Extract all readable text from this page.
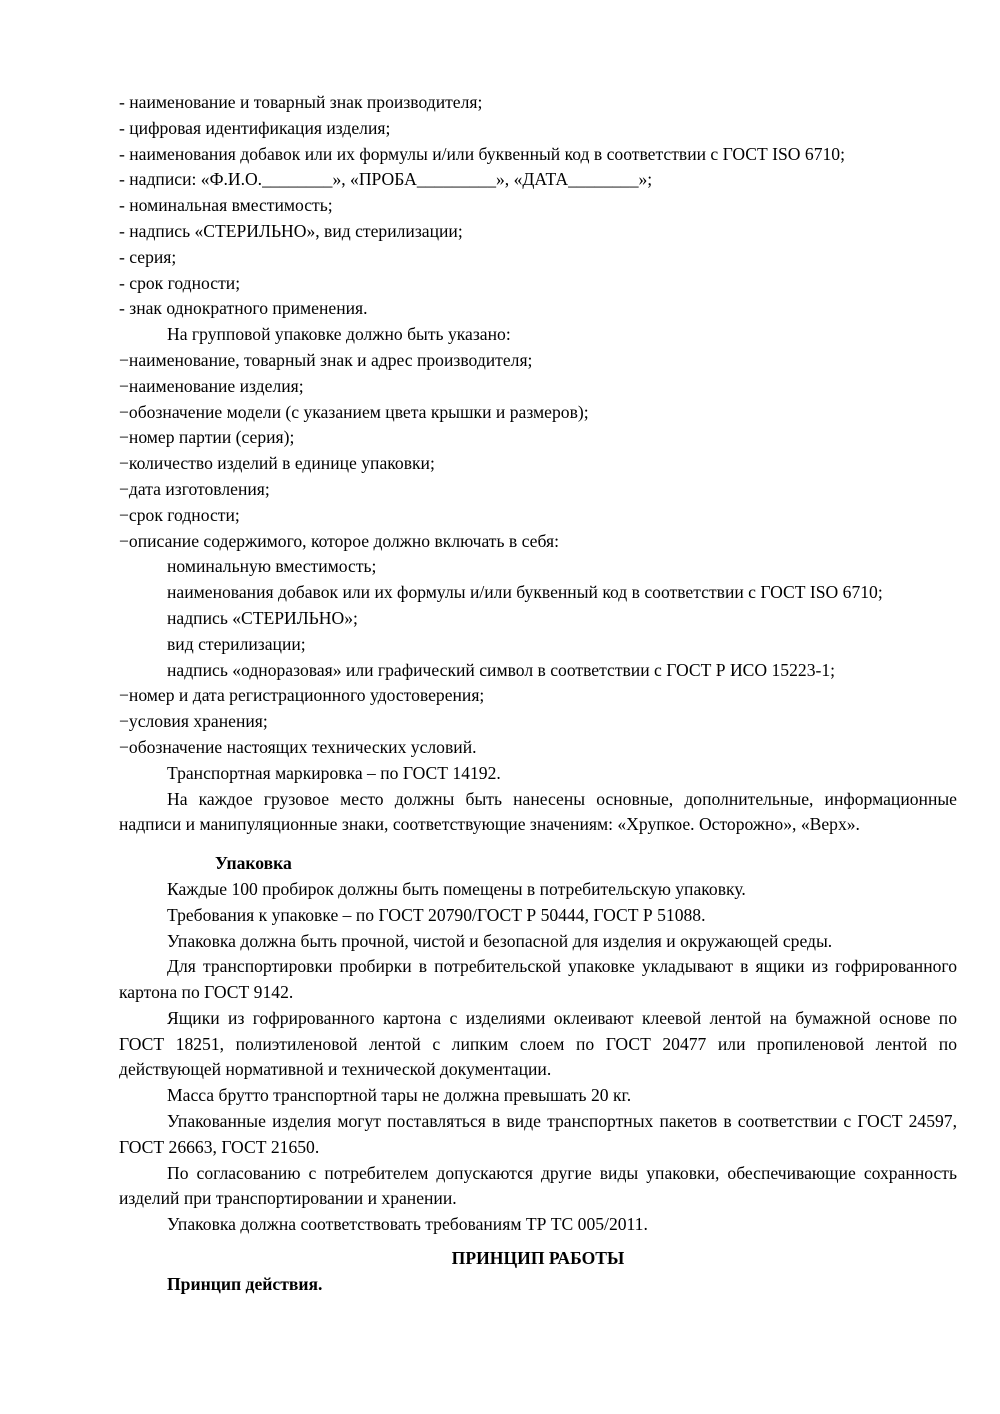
- наименование и товарный знак производителя;

- цифровая идентификация изделия;

- наименования добавок или их формулы и/или буквенный код в соответствии с ГОСТ ISO 6710;

- надписи: «Ф.И.О.________», «ПРОБА_________», «ДАТА________»;

- номинальная вместимость;

- надпись «СТЕРИЛЬНО», вид стерилизации;

- серия;

- срок годности;

- знак однократного применения.

На групповой упаковке должно быть указано:

−наименование, товарный знак и адрес производителя;

−наименование изделия;

−обозначение модели (с указанием цвета крышки и размеров);

−номер партии (серия);

−количество изделий в единице упаковки;

−дата изготовления;

−срок годности;

−описание содержимого, которое должно включать в себя:

номинальную вместимость;

наименования добавок или их формулы и/или буквенный код в соответствии с ГОСТ ISO 6710;

надпись «СТЕРИЛЬНО»;

вид стерилизации;

надпись «одноразовая» или графический символ в соответствии с ГОСТ Р ИСО 15223-1;

−номер и дата регистрационного удостоверения;

−условия хранения;

−обозначение настоящих технических условий.

Транспортная маркировка – по ГОСТ 14192.

На каждое грузовое место должны быть нанесены основные, дополнительные, информационные надписи и манипуляционные знаки, соответствующие значениям: «Хрупкое. Осторожно», «Верх».

Упаковка

Каждые 100 пробирок должны быть помещены в потребительскую упаковку.

Требования к упаковке – по ГОСТ 20790/ГОСТ Р 50444, ГОСТ Р 51088.

Упаковка должна быть прочной, чистой и безопасной для изделия и окружающей среды.

Для транспортировки пробирки в потребительской упаковке укладывают в ящики из гофрированного картона по ГОСТ 9142.

Ящики из гофрированного картона с изделиями оклеивают клеевой лентой на бумажной основе по ГОСТ 18251, полиэтиленовой лентой с липким слоем по ГОСТ 20477 или пропиленовой лентой по действующей нормативной и технической документации.

Масса брутто транспортной тары не должна превышать 20 кг.

Упакованные изделия могут поставляться в виде транспортных пакетов в соответствии с ГОСТ 24597, ГОСТ 26663, ГОСТ 21650.

По согласованию с потребителем допускаются другие виды упаковки, обеспечивающие сохранность изделий при транспортировании и хранении.

Упаковка должна соответствовать требованиям ТР ТС 005/2011.

ПРИНЦИП РАБОТЫ

Принцип действия.
